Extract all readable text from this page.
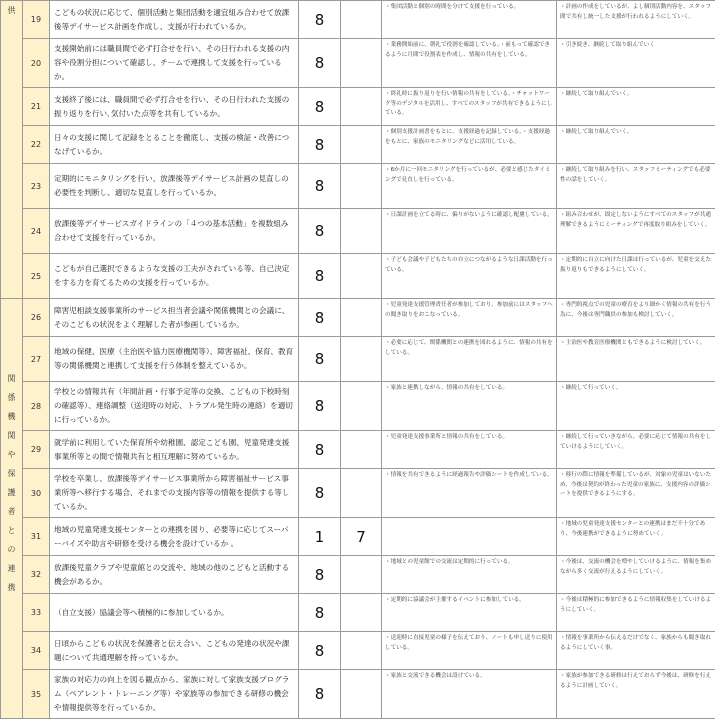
供	19	こどもの状況に応じて、個別活動と集団活動を適宜組み合わせて放課後等デイサービス計画を作成し、支援が行われているか。	8		・集団活動と個別の時間を分けて支援を行っている。	・計画の作成をしているが、よし個別活動内容を、スタッフ間で共有し統一した支援が行われるようにしていく。
	20	支援開始前には職員間で必ず打合せを行い、その日行われる支援の内容や役割分担について確認し、チームで連携して支援を行っているか。	8		・業務開始前に、朝礼で役割を確認している。・前もって確認できるように月間で役割表を作成し、情報の共有をしている。	・引き続き、継続して取り組んでいく
	21	支援終了後には、職員間で必ず打合せを行い、その日行われた支援の振り返りを行い､気付いた点等を共有しているか。	8		・終礼時に振り返りを行い情報の共有をしている。・チャットワーク等のデジタルを活用し、すべてのスタッフが共有できるようにしている。	・継続して取り組んでいく。
	22	日々の支援に関して記録をとることを徹底し、支援の検証・改善につなげているか。	8		・個別支援計画書をもとに、支援経過を記録している。・支援経過をもとに、家族のモニタリングなどに活用している。	・継続して取り組んでいく。
	23	定期的にモニタリングを行い、放課後等デイサービス計画の見直しの必要性を判断し、適切な見直しを行っているか。	8		・6か月に一回モニタリングを行っているが、必要と感じたタイミングで見直しを行っている。	・継続して取り組みを行い、スタッフミーティングでも必要性の話をしていく。
	24	放課後等デイサービスガイドラインの「４つの基本活動」を複数組み合わせて支援を行っているか。	8		・日課計画を立てる時に、偏りがないように確認し配慮している。	・組み合わせが、固定しないようにすべてのスタッフが共通理解できるようにミーティングで再度取り組みをしていく。
	25	こどもが自己選択できるような支援の工夫がされている等、自己決定をする力を育てるための支援を行っているか。	8		・子ども会議や子どもたちの自立につながるような日課活動を行っている。	・定期的に自立に向けた日課は行っているが、児童を交えた振り返りもできるようにしていく。

関係機関や保護者との連携	26	障害児相談支援事業所のサービス担当者会議や関係機関との会議に、そのこどもの状況をよく理解した者が参画しているか。	8		・児童発達支援管理責任者が参加しており、参加前にはスタッフへの聞き取りをおこなっている。	・専門的視点での児童の療育をより細かく情報の共有を行う為に、今後は専門職員の参加も検討していく。
	27	地域の保健、医療（主治医や協力医療機関等）、障害福祉、保育、教育等の関係機関と連携して支援を行う体制を整えているか。	8		・必要に応じて、関係機関との連携を図れるように、情報の共有をしている。	・主治医や教育医療機関ともできるように検討していく。
	28	学校との情報共有（年間計画・行事予定等の交換、こどもの下校時刻の確認等）、連絡調整（送迎時の対応、トラブル発生時の連絡）を適切に行っているか。	8		・家族と連携しながら、情報の共有をしている。	・継続して行っていく。
	29	就学前に利用していた保育所や幼稚園、認定こども園、児童発達支援事業所等との間で情報共有と相互理解に努めているか。	8		・児童発達支援事業所と情報の共有をしている。	・継続して行っていきながら、必要に応じて情報の共有をしていけるようにしていく。
	30	学校を卒業し、放課後等デイサービス事業所から障害福祉サービス事業所等へ移行する場合、それまでの支援内容等の情報を提供する等しているか。	8		・情報を共有できるように経過報告や評価シートを作成している。	・移行の際に情報を準備しているが、対象の児童はいないため、今後は契約が終わった児童の家族に、支援内容の評価シートを提供できるようにする。
	31	地域の児童発達支援センターとの連携を図り、必要等に応じてスーパーバイズや助言や研修を受ける機会を設けているか 。	1	7		・地域の児童発達支援センターとの連携はまだ不十分であり、今後連携ができるように努めていく。
	32	放課後児童クラブや児童館との交流や、地域の他のこどもと活動する機会があるか。	8		・地域との児童館での交流は定期的に行っている。	・今後は、交流の機会を増やしていけるように、情報を集めながら多く交流が行えるようにしていく。
	33	（自立支援）協議会等へ積極的に参加しているか。	8		・定期的に協議会が主催するイベントに参加している。	・今後は積極的に参加できるように情報収集をしていけるようにしていく。
	34	日頃からこどもの状況を保護者と伝え合い、こどもの発達の状況や課題について共通理解を持っているか。	8		・送迎時に直接児童の様子を伝えており、ノートも申し送りに使用している。	・情報を事業所から伝えるだけでなく、家族からも聞き取れるようにしていく事。
	35	家族の対応力の向上を図る観点から、家族に対して家族支援プログラム（ペアレント・トレーニング等）や家族等の参加できる研修の機会や情報提供等を行っているか。	8		・家族と交流できる機会は設けている。	・家族が参加できる研修は行えておらず今後は、研修を行えるように計画していく。
